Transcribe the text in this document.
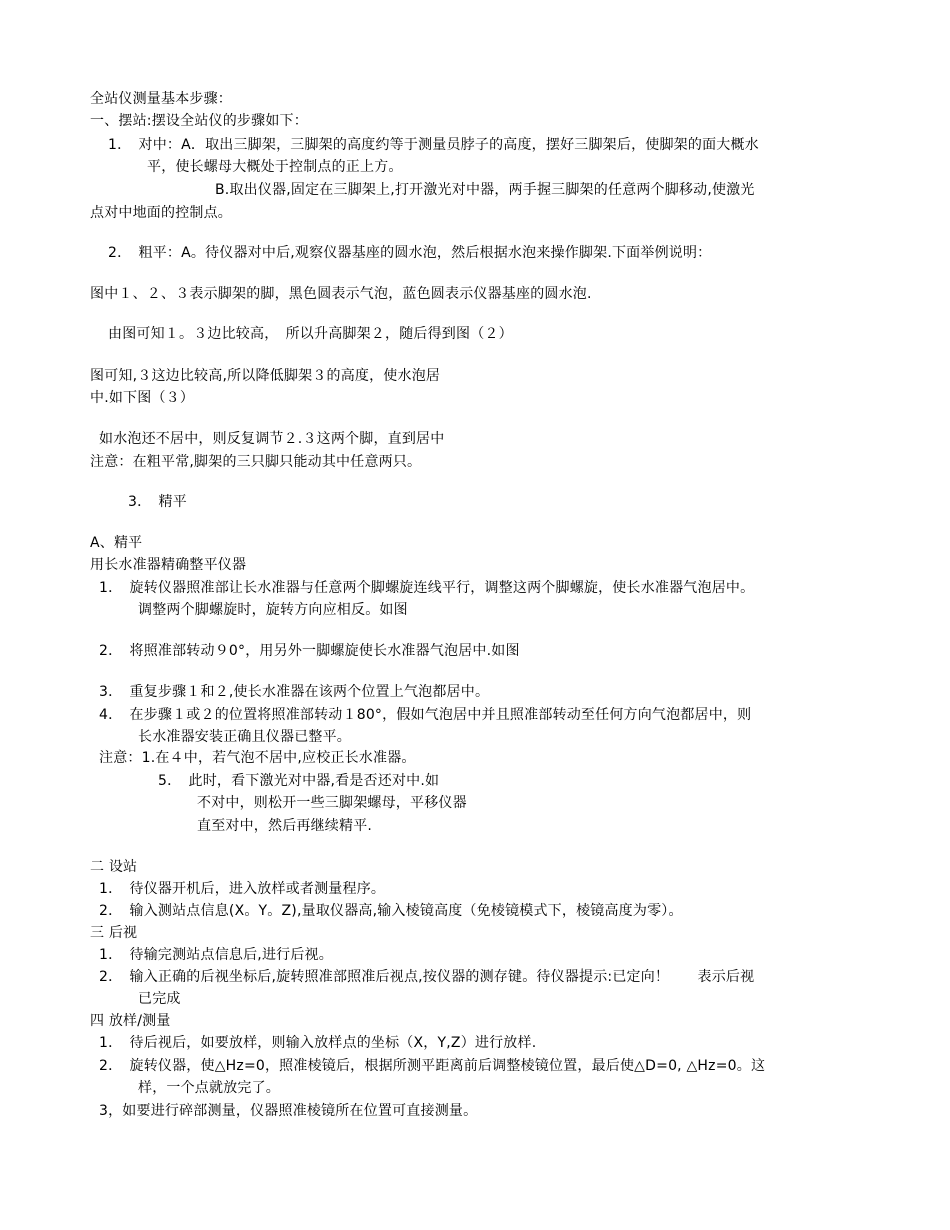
全站仪测量基本步骤：
一、摆站:摆设全站仪的步骤如下：
1．　对中：A．取出三脚架，三脚架的高度约等于测量员脖子的高度，摆好三脚架后，使脚架的面大概水
平，使长螺母大概处于控制点的正上方。
B.取出仪器,固定在三脚架上,打开激光对中器，两手握三脚架的任意两个脚移动,使激光
点对中地面的控制点。
2．　粗平：A。待仪器对中后,观察仪器基座的圆水泡，然后根据水泡来操作脚架.下面举例说明：
图中１、２、３表示脚架的脚，黑色圆表示气泡，蓝色圆表示仪器基座的圆水泡.
由图可知１。３边比较高，　所以升高脚架２，随后得到图（２）
图可知,３这边比较高,所以降低脚架３的高度，使水泡居
中.如下图（３）
如水泡还不居中，则反复调节２.３这两个脚，直到居中
注意：在粗平常,脚架的三只脚只能动其中任意两只。
3．　精平
A、精平
用长水准器精确整平仪器
1．　旋转仪器照准部让长水准器与任意两个脚螺旋连线平行，调整这两个脚螺旋，使长水准器气泡居中。
调整两个脚螺旋时，旋转方向应相反。如图
2．　将照准部转动９0°，用另外一脚螺旋使长水准器气泡居中.如图
3．　重复步骤１和２,使长水准器在该两个位置上气泡都居中。
4．　在步骤１或２的位置将照准部转动１80°，假如气泡居中并且照准部转动至任何方向气泡都居中，则
长水准器安装正确且仪器已整平。
注意：1.在４中，若气泡不居中,应校正长水准器。
5．　此时，看下激光对中器,看是否还对中.如
不对中，则松开一些三脚架螺母，平移仪器
直至对中，然后再继续精平.
二 设站
1．　待仪器开机后，进入放样或者测量程序。
2．　输入测站点信息(X。Y。Z),量取仪器高,输入棱镜高度（免棱镜模式下，棱镜高度为零）。
三 后视
1．　待输完测站点信息后,进行后视。
2．　输入正确的后视坐标后,旋转照准部照准后视点,按仪器的测存键。待仪器提示:已定向！　　表示后视
已完成
四 放样/测量
1．　待后视后，如要放样，则输入放样点的坐标（X，Y,Z）进行放样.
2．　旋转仪器，使△Hz=0，照准棱镜后，根据所测平距离前后调整棱镜位置，最后使△D=0, △Hz=0。这
样，一个点就放完了。
3，如要进行碎部测量，仪器照准棱镜所在位置可直接测量。
